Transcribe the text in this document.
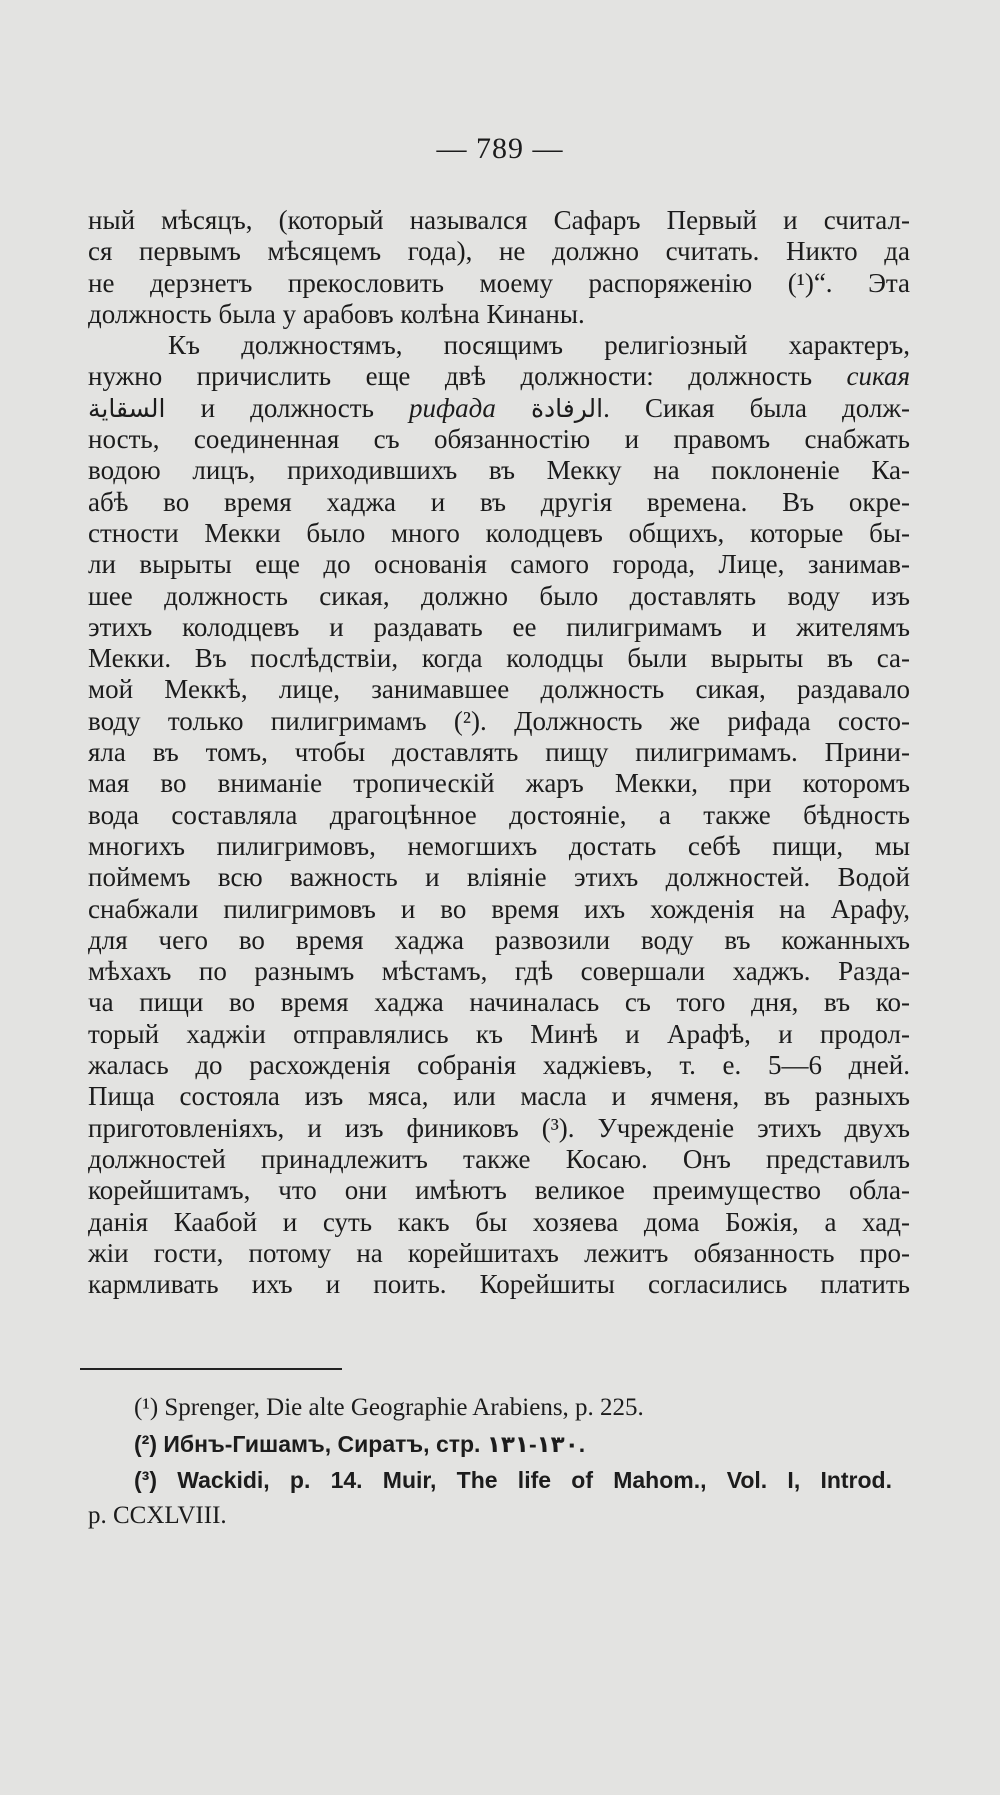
— 789 —
ный мѣсяцъ, (который назывался Сафаръ Первый и считал-
ся первымъ мѣсяцемъ года), не должно считать. Никто да
не дерзнетъ прекословить моему распоряженію (¹)“. Эта
должность была у арабовъ колѣна Кинаны.
Къ должностямъ, посящимъ религіозный характеръ,
нужно причислить еще двѣ должности: должность сикая
السقاية и должность рифада الرفادة. Сикая была долж-
ность, соединенная съ обязанностію и правомъ снабжать
водою лицъ, приходившихъ въ Мекку на поклоненіе Ка-
абѣ во время хаджа и въ другія времена. Въ окре-
стности Мекки было много колодцевъ общихъ, которые бы-
ли вырыты еще до основанія самого города, Лице, занимав-
шее должность сикая, должно было доставлять воду изъ
этихъ колодцевъ и раздавать ее пилигримамъ и жителямъ
Мекки. Въ послѣдствіи, когда колодцы были вырыты въ са-
мой Меккѣ, лице, занимавшее должность сикая, раздавало
воду только пилигримамъ (²). Должность же рифада состо-
яла въ томъ, чтобы доставлять пищу пилигримамъ. Прини-
мая во вниманіе тропическій жаръ Мекки, при которомъ
вода составляла драгоцѣнное достояніе, а также бѣдность
многихъ пилигримовъ, немогшихъ достать себѣ пищи, мы
поймемъ всю важность и вліяніе этихъ должностей. Водой
снабжали пилигримовъ и во время ихъ хожденія на Арафу,
для чего во время хаджа развозили воду въ кожанныхъ
мѣхахъ по разнымъ мѣстамъ, гдѣ совершали хаджъ. Разда-
ча пищи во время хаджа начиналась съ того дня, въ ко-
торый хаджіи отправлялись къ Минѣ и Арафѣ, и продол-
жалась до расхожденія собранія хаджіевъ, т. е. 5—6 дней.
Пища состояла изъ мяса, или масла и ячменя, въ разныхъ
приготовленіяхъ, и изъ финиковъ (³). Учрежденіе этихъ двухъ
должностей принадлежитъ также Косаю. Онъ представилъ
корейшитамъ, что они имѣютъ великое преимущество обла-
данія Каабой и суть какъ бы хозяева дома Божія, а хад-
жіи гости, потому на корейшитахъ лежитъ обязанность про-
кармливать ихъ и поить. Корейшиты согласились платить
(¹) Sprenger, Die alte Geographie Arabiens, p. 225.
(²) Ибнъ-Гишамъ, Сиратъ, стр. ١٣٠-١٣١.
(³) Wackidi, p. 14. Muir, The life of Mahom., Vol. I, Introd.
p. CCXLVIII.
